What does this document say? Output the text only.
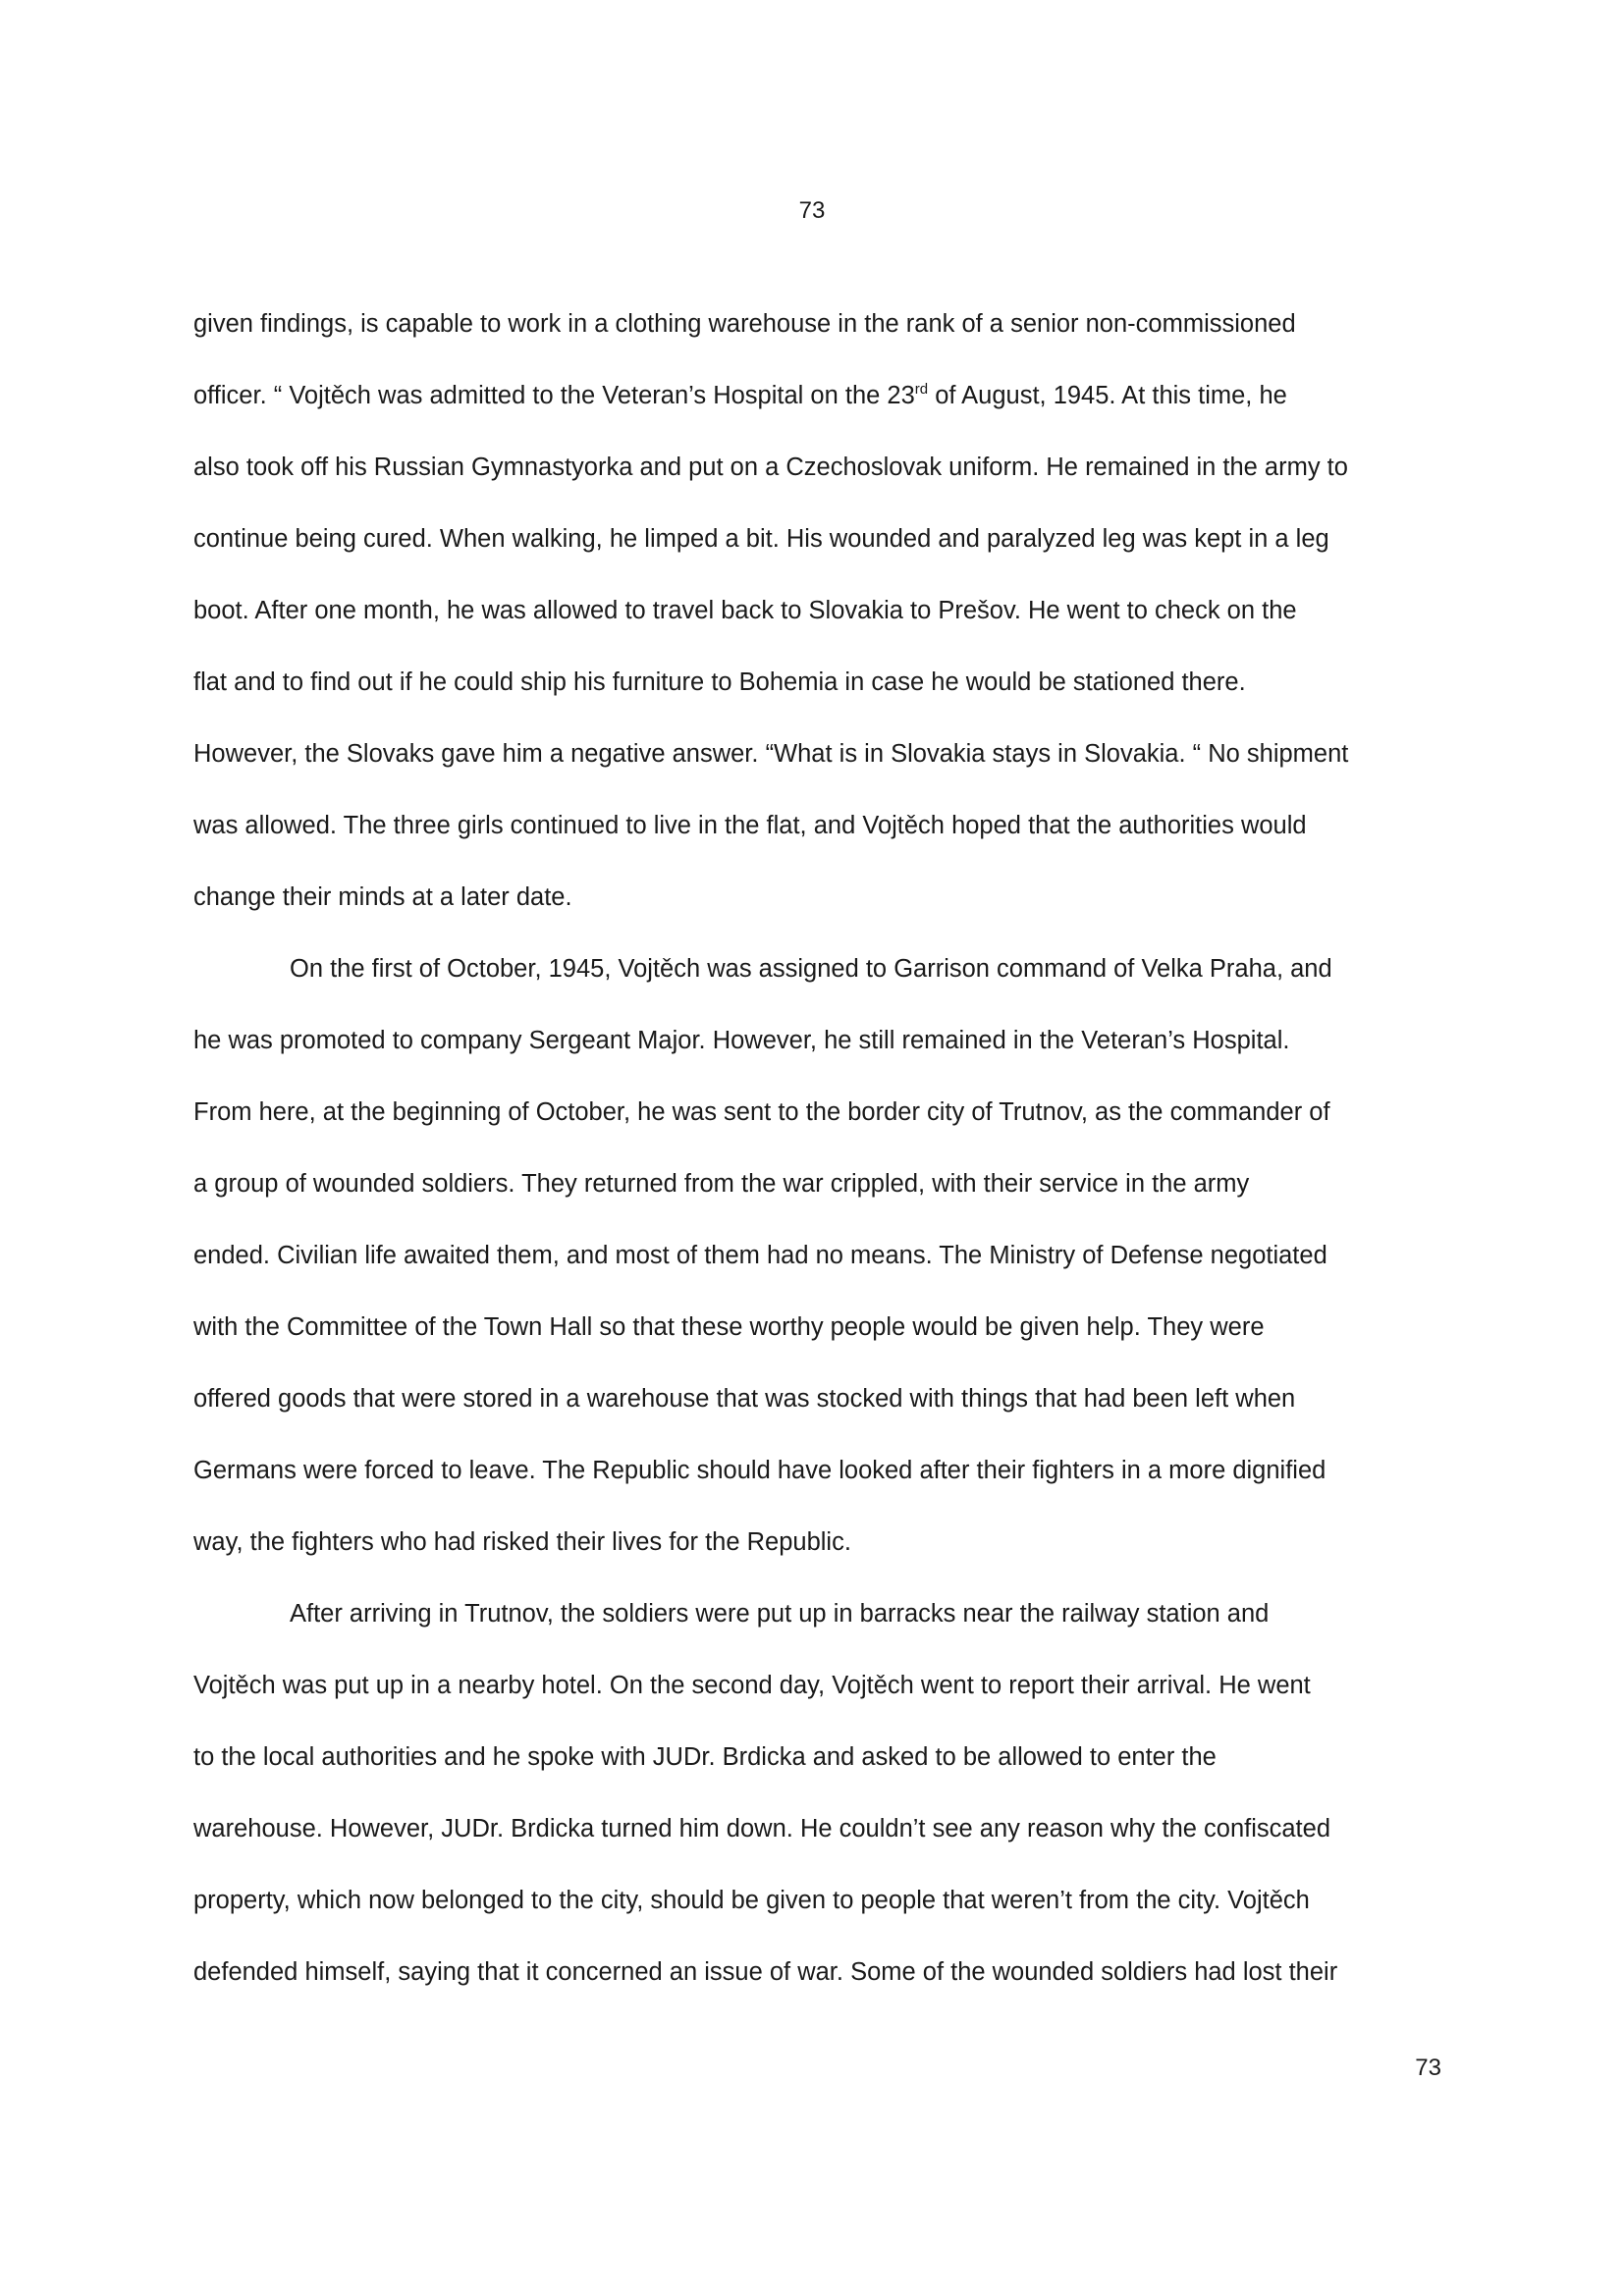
73
given findings, is capable to work in a clothing warehouse in the rank of a senior non-commissioned
officer. “ Vojtěch was admitted to the Veteran’s Hospital on the 23rd of August, 1945. At this time, he
also took off his Russian Gymnastyorka and put on a Czechoslovak uniform. He remained in the army to
continue being cured. When walking, he limped a bit. His wounded and paralyzed leg was kept in a leg
boot. After one month, he was allowed to travel back to Slovakia to Prešov. He went to check on the
flat and to find out if he could ship his furniture to Bohemia in case he would be stationed there.
However, the Slovaks gave him a negative answer. “What is in Slovakia stays in Slovakia. “ No shipment
was allowed. The three girls continued to live in the flat, and Vojtěch hoped that the authorities would
change their minds at a later date.
On the first of October, 1945, Vojtěch was assigned to Garrison command of Velka Praha, and
he was promoted to company Sergeant Major. However, he still remained in the Veteran’s Hospital.
From here, at the beginning of October, he was sent to the border city of Trutnov, as the commander of
a group of wounded soldiers. They returned from the war crippled, with their service in the army
ended. Civilian life awaited them, and most of them had no means. The Ministry of Defense negotiated
with the Committee of the Town Hall so that these worthy people would be given help. They were
offered goods that were stored in a warehouse that was stocked with things that had been left when
Germans were forced to leave. The Republic should have looked after their fighters in a more dignified
way, the fighters who had risked their lives for the Republic.
After arriving in Trutnov, the soldiers were put up in barracks near the railway station and
Vojtěch was put up in a nearby hotel. On the second day, Vojtěch went to report their arrival. He went
to the local authorities and he spoke with JUDr. Brdicka and asked to be allowed to enter the
warehouse. However, JUDr. Brdicka turned him down. He couldn’t see any reason why the confiscated
property, which now belonged to the city, should be given to people that weren’t from the city. Vojtěch
defended himself, saying that it concerned an issue of war. Some of the wounded soldiers had lost their
73
